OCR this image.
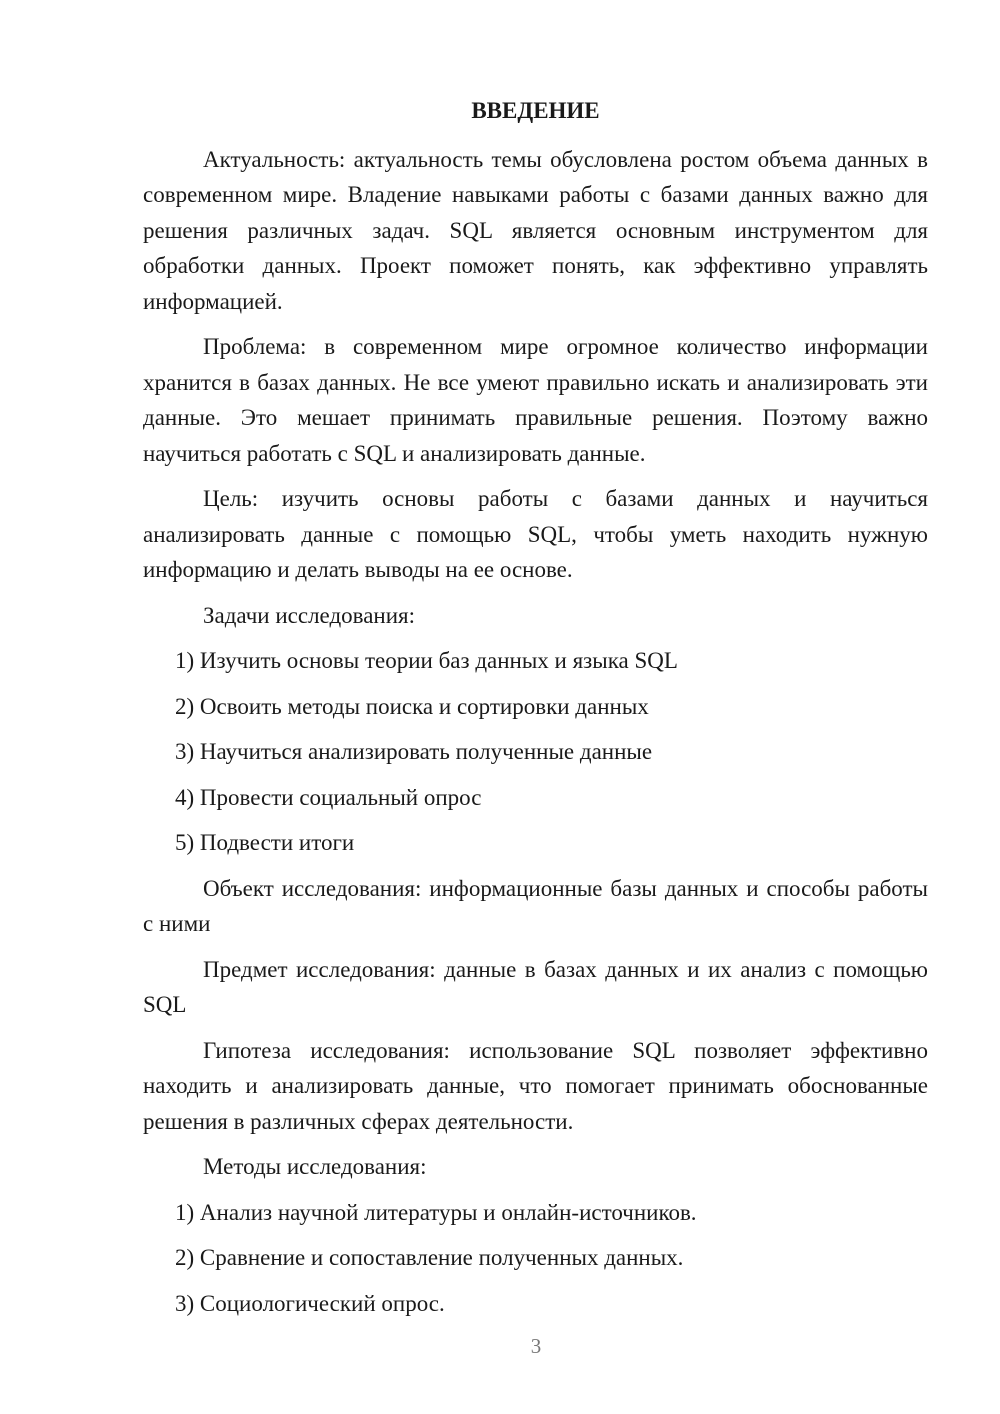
ВВЕДЕНИЕ

Актуальность: актуальность темы обусловлена ростом объема данных в современном мире. Владение навыками работы с базами данных важно для решения различных задач. SQL является основным инструментом для обработки данных. Проект поможет понять, как эффективно управлять информацией.

Проблема: в современном мире огромное количество информации хранится в базах данных. Не все умеют правильно искать и анализировать эти данные. Это мешает принимать правильные решения. Поэтому важно научиться работать с SQL и анализировать данные.

Цель: изучить основы работы с базами данных и научиться анализировать данные с помощью SQL, чтобы уметь находить нужную информацию и делать выводы на ее основе.

Задачи исследования:
1) Изучить основы теории баз данных и языка SQL
2) Освоить методы поиска и сортировки данных
3) Научиться анализировать полученные данные
4) Провести социальный опрос
5) Подвести итоги

Объект исследования: информационные базы данных и способы работы с ними

Предмет исследования: данные в базах данных и их анализ с помощью SQL

Гипотеза исследования: использование SQL позволяет эффективно находить и анализировать данные, что помогает принимать обоснованные решения в различных сферах деятельности.

Методы исследования:
1) Анализ научной литературы и онлайн-источников.
2) Сравнение и сопоставление полученных данных.
3) Социологический опрос.
3
